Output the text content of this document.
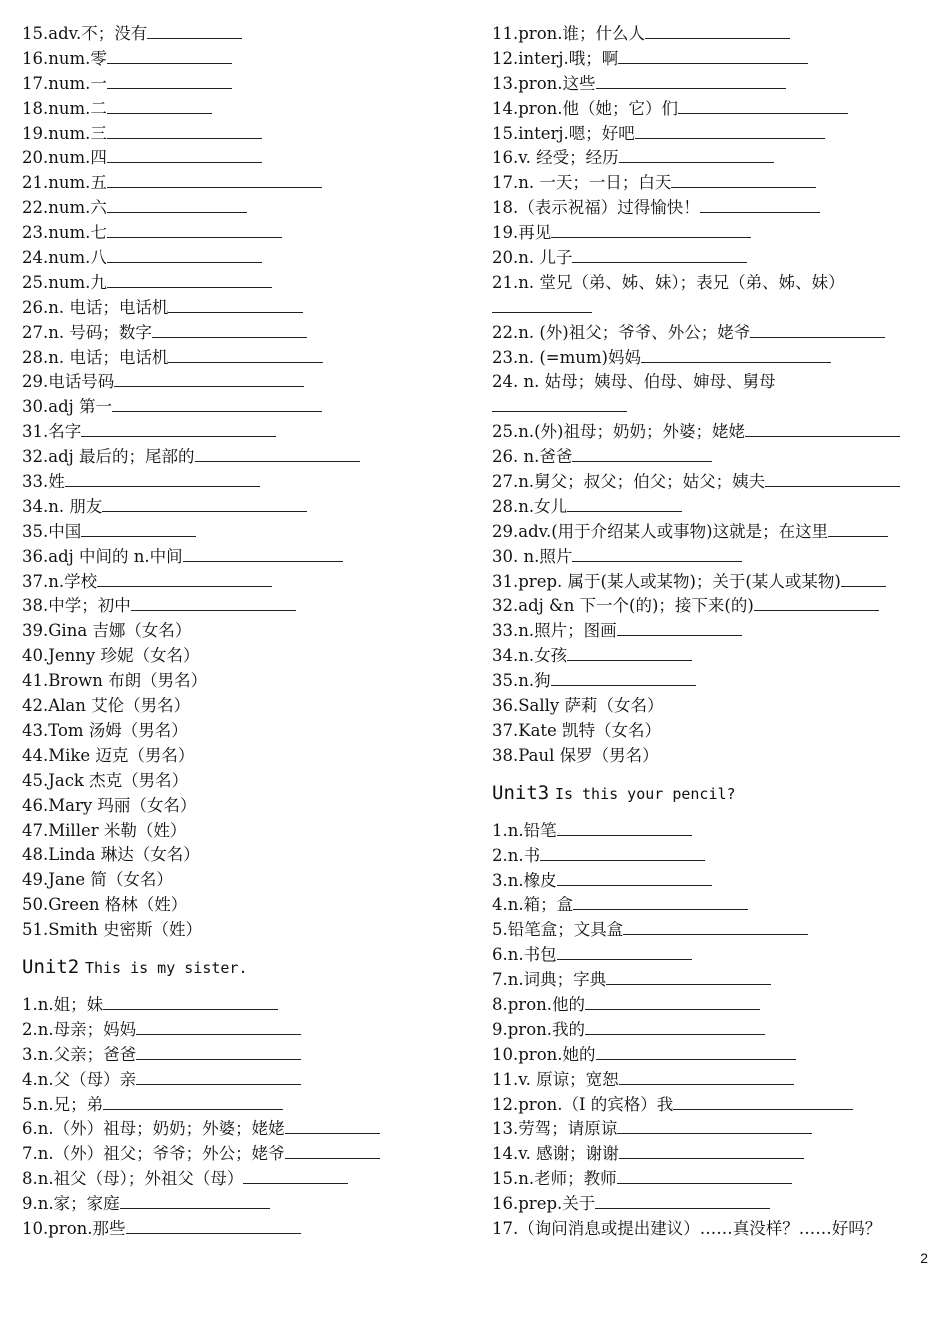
15.adv.不；没有
16.num.零
17.num.一
18.num.二
19.num.三
20.num.四
21.num.五
22.num.六
23.num.七
24.num.八
25.num.九
26.n. 电话；电话机
27.n. 号码；数字
28.n. 电话；电话机
29.电话号码
30.adj 第一
31.名字
32.adj 最后的；尾部的
33.姓
34.n. 朋友
35.中国
36.adj 中间的 n.中间
37.n.学校
38.中学；初中
39.Gina 吉娜（女名）
40.Jenny 珍妮（女名）
41.Brown 布朗（男名）
42.Alan 艾伦（男名）
43.Tom 汤姆（男名）
44.Mike 迈克（男名）
45.Jack 杰克（男名）
46.Mary 玛丽（女名）
47.Miller 米勒（姓）
48.Linda 琳达（女名）
49.Jane 简（女名）
50.Green 格林（姓）
51.Smith 史密斯（姓）
Unit2 This is my sister.
1.n.姐；妹
2.n.母亲；妈妈
3.n.父亲；爸爸
4.n.父（母）亲
5.n.兄；弟
6.n.（外）祖母；奶奶；外婆；姥姥
7.n.（外）祖父；爷爷；外公；姥爷
8.n.祖父（母）；外祖父（母）
9.n.家；家庭
10.pron.那些
11.pron.谁；什么人
12.interj.哦；啊
13.pron.这些
14.pron.他（她；它）们
15.interj.嗯；好吧
16.v. 经受；经历
17.n. 一天；一日；白天
18.（表示祝福）过得愉快！
19.再见
20.n. 儿子
21.n. 堂兄（弟、姊、妹）；表兄（弟、姊、妹）
22.n. (外)祖父；爷爷、外公；姥爷
23.n. (=mum)妈妈
24. n. 姑母；姨母、伯母、婶母、舅母
25.n.(外)祖母；奶奶；外婆；姥姥
26. n.爸爸
27.n.舅父；叔父；伯父；姑父；姨夫
28.n.女儿
29.adv.(用于介绍某人或事物)这就是；在这里
30. n.照片
31.prep. 属于(某人或某物)；关于(某人或某物)
32.adj &n 下一个(的)；接下来(的)
33.n.照片；图画
34.n.女孩
35.n.狗
36.Sally 萨莉（女名）
37.Kate 凯特（女名）
38.Paul 保罗（男名）
Unit3 Is this your pencil?
1.n.铅笔
2.n.书
3.n.橡皮
4.n.箱；盒
5.铅笔盒；文具盒
6.n.书包
7.n.词典；字典
8.pron.他的
9.pron.我的
10.pron.她的
11.v. 原谅；宽恕
12.pron.（I 的宾格）我
13.劳驾；请原谅
14.v. 感谢；谢谢
15.n.老师；教师
16.prep.关于
17.（询问消息或提出建议）……真没样？……好吗？
2
